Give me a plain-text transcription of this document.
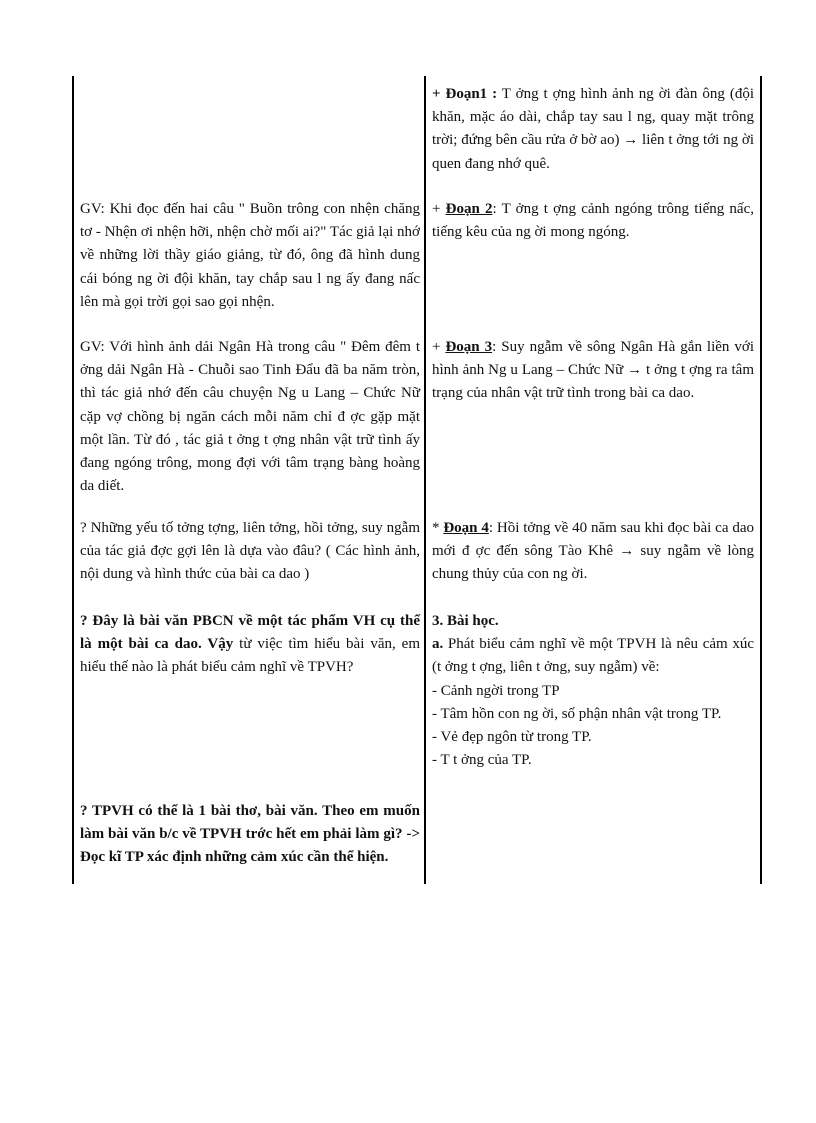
+ Đoạn1 : T ởng t ợng hình ảnh ng ời đàn ông (đội khăn, mặc áo dài, chắp tay sau l ng, quay mặt trông trời; đứng bên cầu rửa ở bờ ao) → liên t ởng tới ng ời quen đang nhớ quê.
+ Đoạn 2: T ởng t ợng cảnh ngóng trông tiếng nấc, tiếng kêu của ng ời mong ngóng.
+ Đoạn 3: Suy ngẫm về sông Ngân Hà gắn liền với hình ảnh Ng u Lang – Chức Nữ → t ởng t ợng ra tâm trạng của nhân vật trữ tình trong bài ca dao.
* Đoạn 4: Hồi tởng về 40 năm sau khi đọc bài ca dao mới đ ợc đến sông Tào Khê → suy ngẫm về lòng chung thủy của con ng ời.
3. Bài học.
a. Phát biểu cảm nghĩ về một TPVH là nêu cảm xúc (t ởng t ợng, liên t ởng, suy ngẫm) về:
- Cảnh ngời trong TP
- Tâm hồn con ng ời, số phận nhân vật trong TP.
- Vẻ đẹp ngôn từ trong TP.
- T t ởng của TP.
GV: Khi đọc đến hai câu " Buồn trông con nhện chăng tơ - Nhện ơi nhện hỡi, nhện chờ mối ai?" Tác giả lại nhớ về những lời thầy giáo giảng, từ đó, ông đã hình dung cái bóng ng ời đội khăn, tay chắp sau l ng ấy đang nấc lên mà gọi trời gọi sao gọi nhện.
GV: Với hình ảnh dải Ngân Hà trong câu " Đêm đêm t ởng dải Ngân Hà - Chuỗi sao Tinh Đẩu đã ba năm tròn, thì tác giả nhớ đến câu chuyện Ng u Lang – Chức Nữ cặp vợ chồng bị ngăn cách mỗi năm chỉ đ ợc gặp mặt một lần. Từ đó , tác giả t ởng t ợng nhân vật trữ tình ấy đang ngóng trông, mong đợi với tâm trạng bàng hoàng da diết.
? Những yếu tố tởng tợng, liên tởng, hồi tởng, suy ngẫm của tác giả đợc gợi lên là dựa vào đâu? ( Các hình ảnh, nội dung và hình thức của bài ca dao )
? Đây là bài văn PBCN về một tác phẩm VH cụ thể là một bài ca dao. Vậy từ việc tìm hiểu bài văn, em hiểu thế nào là phát biểu cảm nghĩ về TPVH?
? TPVH có thể là 1 bài thơ, bài văn. Theo em muốn làm bài văn b/c về TPVH trớc hết em phải làm gì? -> Đọc kĩ TP xác định những cảm xúc cần thể hiện.
